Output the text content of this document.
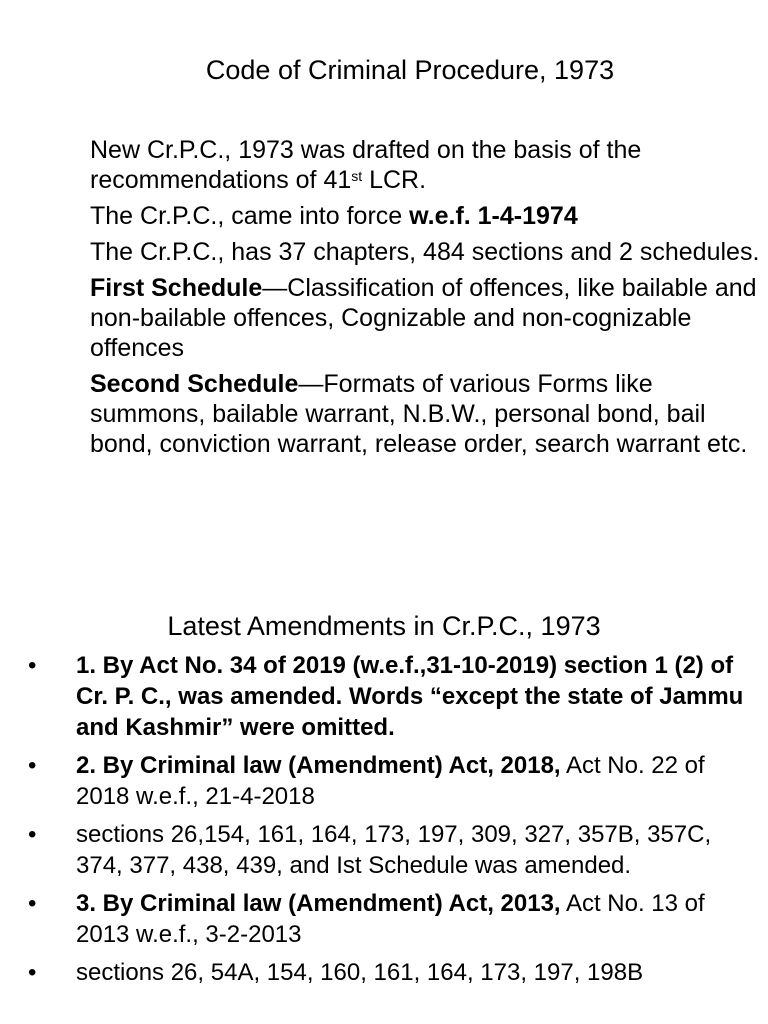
Code of Criminal Procedure, 1973

New Cr.P.C., 1973 was drafted on the basis of the recommendations of 41st LCR.

The Cr.P.C., came into force w.e.f. 1-4-1974

The Cr.P.C., has 37 chapters, 484 sections and 2 schedules.

First Schedule—Classification of offences, like bailable and non-bailable offences, Cognizable and non-cognizable offences

Second Schedule—Formats of various Forms like summons, bailable warrant, N.B.W., personal bond, bail bond, conviction warrant, release order, search warrant etc.

Latest Amendments in Cr.P.C., 1973
• 1. By Act No. 34 of 2019 (w.e.f.,31-10-2019) section 1 (2) of Cr. P. C., was amended. Words “except the state of Jammu and Kashmir” were omitted.
• 2. By Criminal law (Amendment) Act, 2018, Act No. 22 of 2018 w.e.f., 21-4-2018
• sections 26,154, 161, 164, 173, 197, 309, 327, 357B, 357C, 374, 377, 438, 439, and Ist Schedule was amended.
• 3. By Criminal law (Amendment) Act, 2013, Act No. 13 of 2013 w.e.f., 3-2-2013
• sections 26, 54A, 154, 160, 161, 164, 173, 197, 198B
